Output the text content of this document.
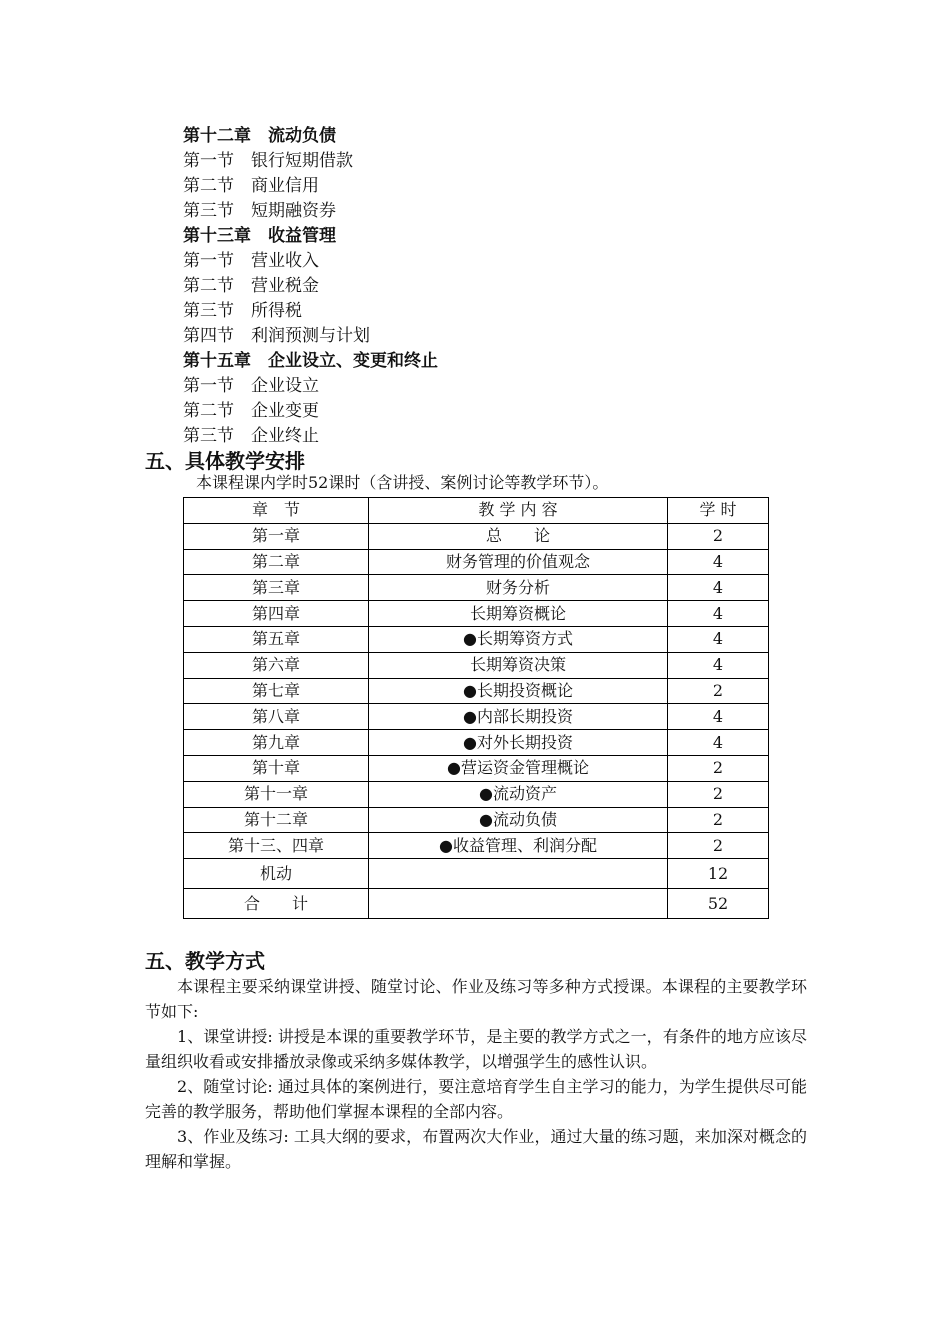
第十二章　流动负债
第一节　银行短期借款
第二节　商业信用
第三节　短期融资券
第十三章　收益管理
第一节　营业收入
第二节　营业税金
第三节　所得税
第四节　利润预测与计划
第十五章　企业设立、变更和终止
第一节　企业设立
第二节　企业变更
第三节　企业终止
五、具体教学安排
本课程课内学时52课时（含讲授、案例讨论等教学环节）。
章　节	教 学 内 容	学 时
第一章	总　　论	2
第二章	财务管理的价值观念	4
第三章	财务分析	4
第四章	长期筹资概论	4
第五章	●长期筹资方式	4
第六章	长期筹资决策	4
第七章	●长期投资概论	2
第八章	●内部长期投资	4
第九章	●对外长期投资	4
第十章	●营运资金管理概论	2
第十一章	●流动资产	2
第十二章	●流动负债	2
第十三、四章	●收益管理、利润分配	2
机动		12
合　　计		52
五、教学方式

本课程主要采纳课堂讲授、随堂讨论、作业及练习等多种方式授课。本课程的主要教学环节如下:

1、课堂讲授: 讲授是本课的重要教学环节，是主要的教学方式之一，有条件的地方应该尽量组织收看或安排播放录像或采纳多媒体教学，以增强学生的感性认识。

2、随堂讨论: 通过具体的案例进行，要注意培育学生自主学习的能力，为学生提供尽可能完善的教学服务，帮助他们掌握本课程的全部内容。

3、作业及练习: 工具大纲的要求，布置两次大作业，通过大量的练习题，来加深对概念的理解和掌握。
